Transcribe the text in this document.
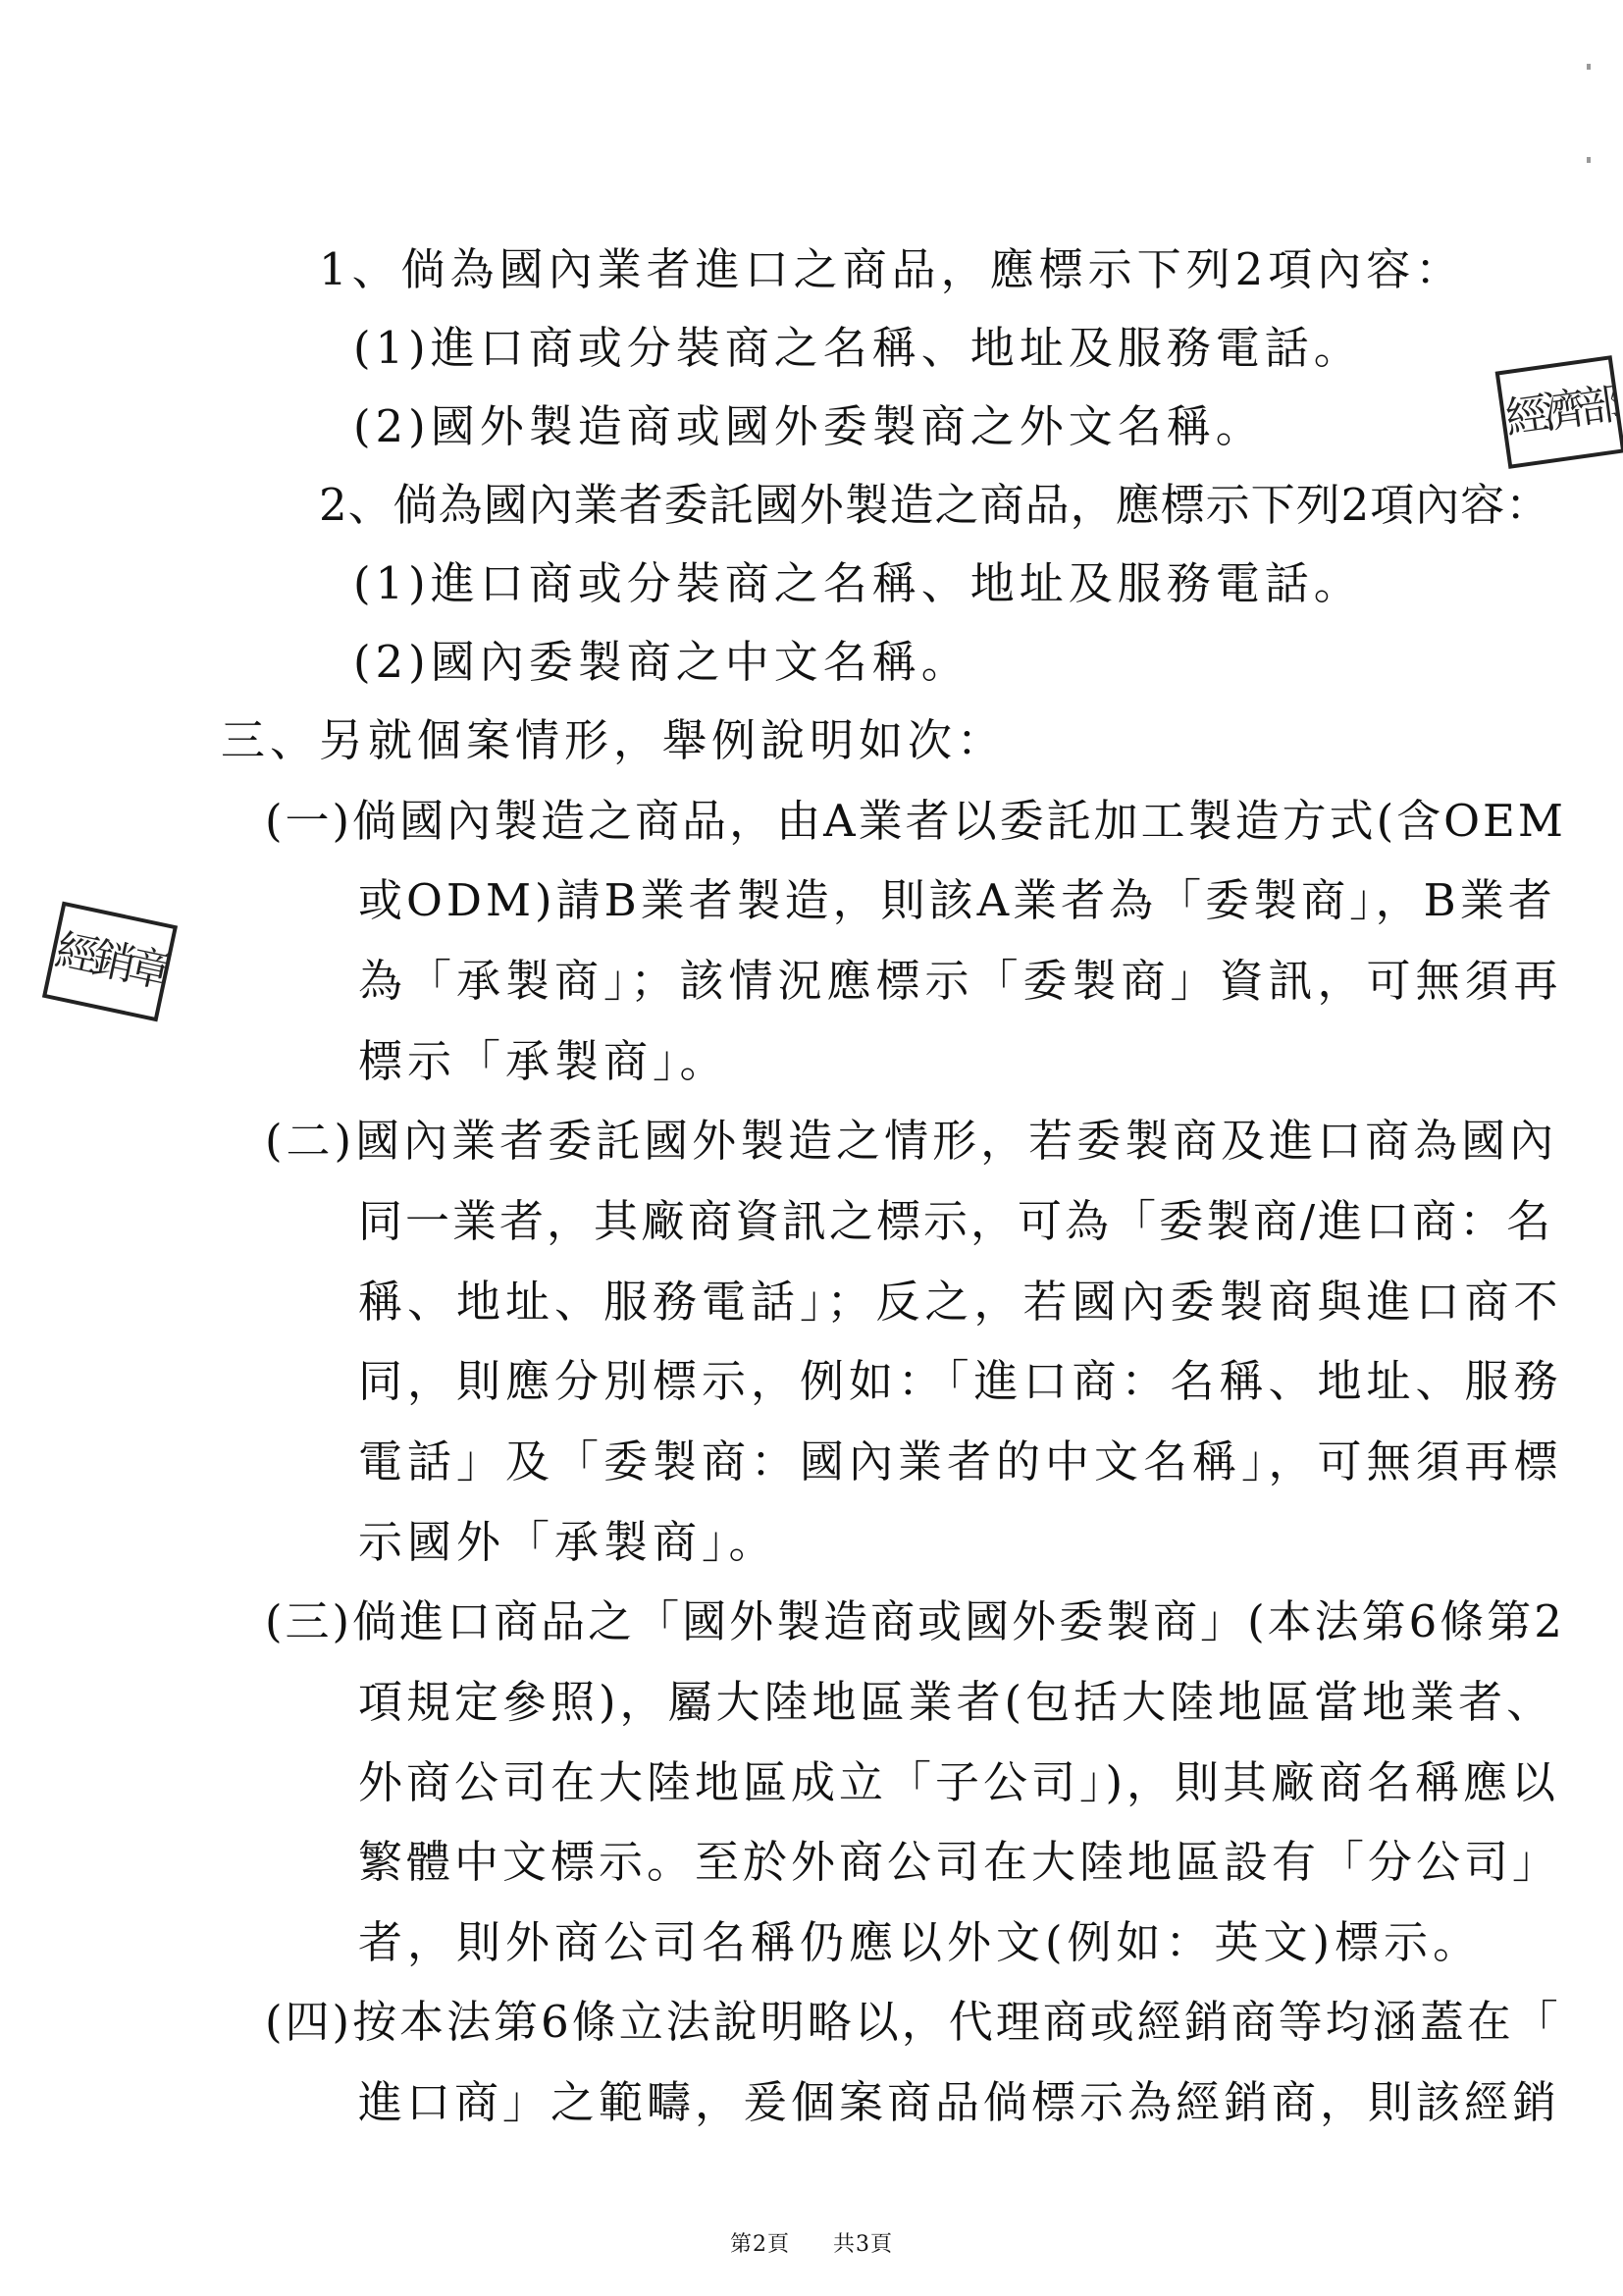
1、倘為國內業者進口之商品，應標示下列2項內容：
(1)進口商或分裝商之名稱、地址及服務電話。
(2)國外製造商或國外委製商之外文名稱。
2、倘為國內業者委託國外製造之商品，應標示下列2項內容：
(1)進口商或分裝商之名稱、地址及服務電話。
(2)國內委製商之中文名稱。
三、另就個案情形，舉例說明如次：
(一)倘國內製造之商品，由A業者以委託加工製造方式(含OEM
或ODM)請B業者製造，則該A業者為「委製商」，B業者
為「承製商」；該情況應標示「委製商」資訊，可無須再
標示「承製商」。
(二)國內業者委託國外製造之情形，若委製商及進口商為國內
同一業者，其廠商資訊之標示，可為「委製商/進口商：名
稱、地址、服務電話」；反之，若國內委製商與進口商不
同，則應分別標示，例如：「進口商：名稱、地址、服務
電話」及「委製商：國內業者的中文名稱」，可無須再標
示國外「承製商」。
(三)倘進口商品之「國外製造商或國外委製商」(本法第6條第2
項規定參照)，屬大陸地區業者(包括大陸地區當地業者、
外商公司在大陸地區成立「子公司」)，則其廠商名稱應以
繁體中文標示。至於外商公司在大陸地區設有「分公司」
者，則外商公司名稱仍應以外文(例如：英文)標示。
(四)按本法第6條立法說明略以，代理商或經銷商等均涵蓋在「
進口商」之範疇，爰個案商品倘標示為經銷商，則該經銷
經濟部
經銷章
第2頁 共3頁
